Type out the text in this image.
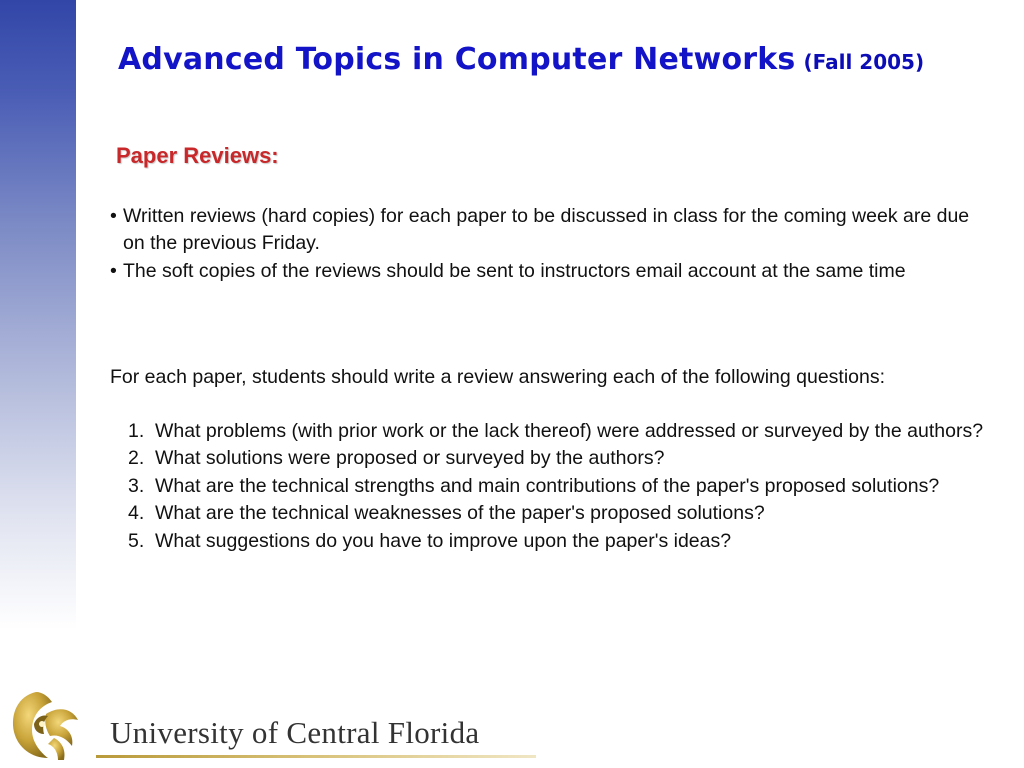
Advanced Topics in Computer Networks (Fall 2005)
Paper Reviews:
• Written reviews (hard copies) for each paper to be discussed in class for the coming week are due on the previous Friday.
• The soft copies of the reviews should be sent to instructors email account at the same time
For each paper, students should write a review answering each of the following questions:
1. What problems (with prior work or the lack thereof) were addressed or surveyed by the authors?
2. What solutions were proposed or surveyed by the authors?
3. What are the technical strengths and main contributions of the paper's proposed solutions?
4. What are the technical weaknesses of the paper's proposed solutions?
5. What suggestions do you have to improve upon the paper's ideas?
University of Central Florida
